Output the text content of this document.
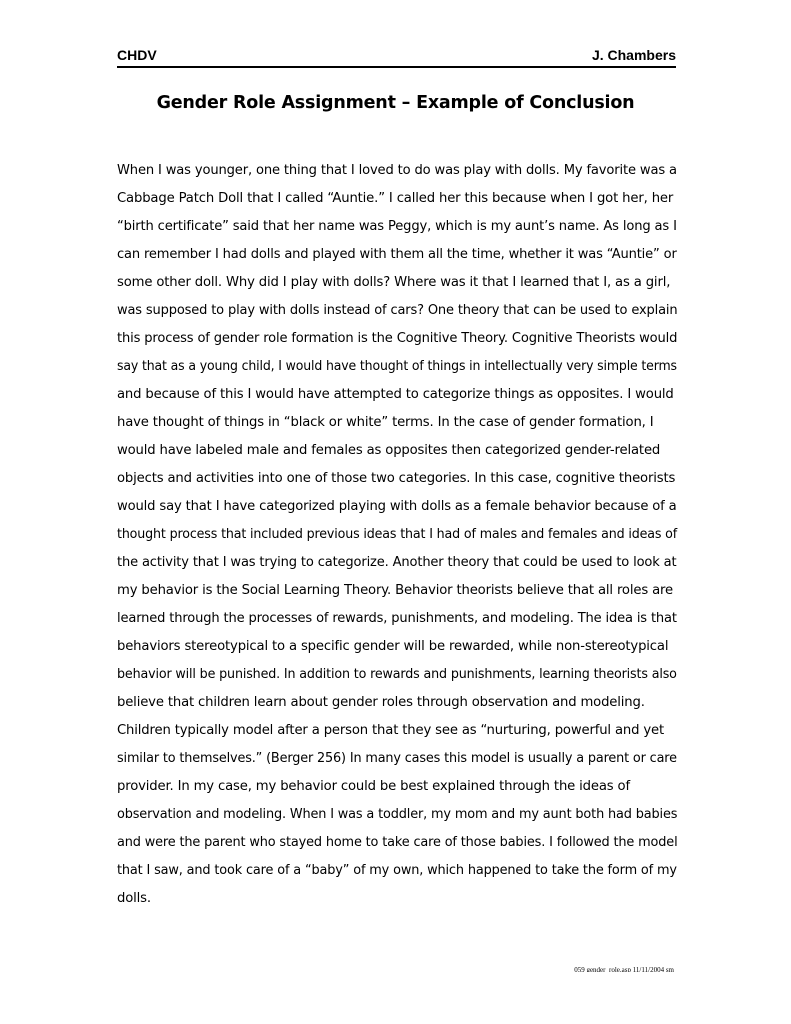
CHDV	J. Chambers
Gender Role Assignment – Example of Conclusion
When I was younger, one thing that I loved to do was play with dolls. My favorite was a
Cabbage Patch Doll that I called “Auntie.” I called her this because when I got her, her
“birth certificate” said that her name was Peggy, which is my aunt’s name. As long as I
can remember I had dolls and played with them all the time, whether it was “Auntie” or
some other doll. Why did I play with dolls? Where was it that I learned that I, as a girl,
was supposed to play with dolls instead of cars? One theory that can be used to explain
this process of gender role formation is the Cognitive Theory. Cognitive Theorists would
say that as a young child, I would have thought of things in intellectually very simple terms
and because of this I would have attempted to categorize things as opposites. I would
have thought of things in “black or white” terms. In the case of gender formation, I
would have labeled male and females as opposites then categorized gender-related
objects and activities into one of those two categories. In this case, cognitive theorists
would say that I have categorized playing with dolls as a female behavior because of a
thought process that included previous ideas that I had of males and females and ideas of
the activity that I was trying to categorize. Another theory that could be used to look at
my behavior is the Social Learning Theory. Behavior theorists believe that all roles are
learned through the processes of rewards, punishments, and modeling. The idea is that
behaviors stereotypical to a specific gender will be rewarded, while non-stereotypical
behavior will be punished. In addition to rewards and punishments, learning theorists also
believe that children learn about gender roles through observation and modeling.
Children typically model after a person that they see as “nurturing, powerful and yet
similar to themselves.” (Berger 256) In many cases this model is usually a parent or care
provider. In my case, my behavior could be best explained through the ideas of
observation and modeling. When I was a toddler, my mom and my aunt both had babies
and were the parent who stayed home to take care of those babies. I followed the model
that I saw, and took care of a “baby” of my own, which happened to take the form of my
dolls.
059 gender_role.asp 11/11/2004 sm
